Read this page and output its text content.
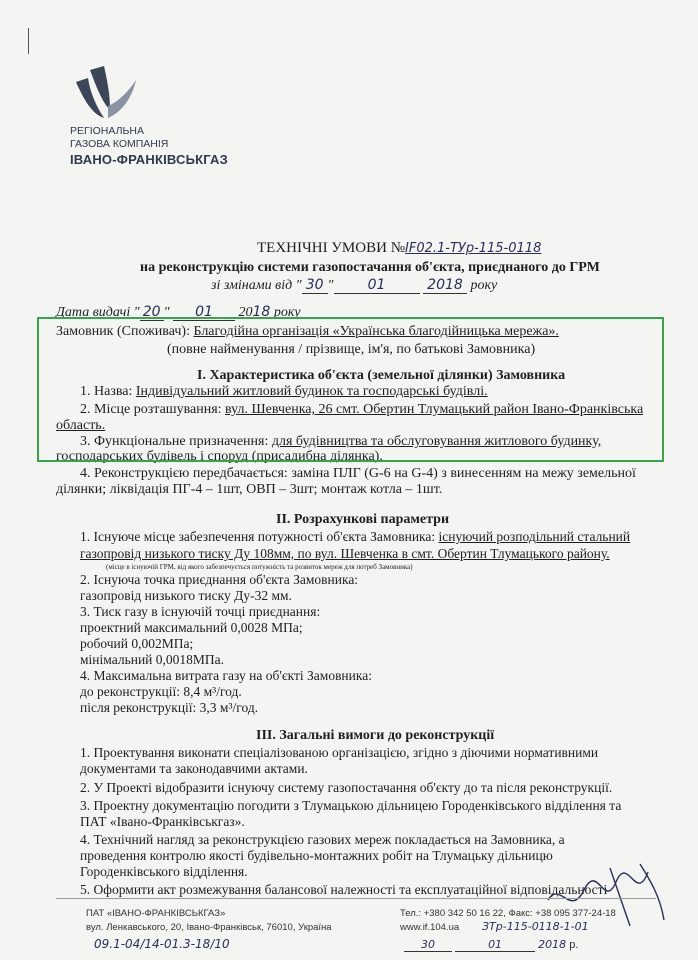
РЕГІОНАЛЬНА
ГАЗОВА КОМПАНІЯ
ІВАНО-ФРАНКІВСЬКГАЗ
ТЕХНІЧНІ УМОВИ №ІF02.1-ТУр-115-0118
на реконструкцію системи газопостачання об'єкта, приєднаного до ГРМ
зі змінами від " 30 " 01	2018 року
Дата видачі " 20 " 01 2018 року
Замовник (Споживач): Благодійна організація «Українська благодійницька мережа».
(повне найменування / прізвище, ім'я, по батькові Замовника)
І. Характеристика об'єкта (земельної ділянки) Замовника
1. Назва: Індивідуальний житловий будинок та господарські будівлі.
2. Місце розташування: вул. Шевченка, 26 смт. Обертин Тлумацький район Івано-Франківська
область.
3. Функціональне призначення: для будівництва та обслуговування житлового будинку,
господарських будівель і споруд (присадибна ділянка).
4. Реконструкцією передбачається: заміна ПЛГ (G-6 на G-4) з винесенням на межу земельної
ділянки; ліквідація ПГ-4 – 1шт, ОВП – 3шт; монтаж котла – 1шт.
ІІ. Розрахункові параметри
1. Існуюче місце забезпечення потужності об'єкта Замовника: існуючий розподільний стальний
газопровід низького тиску Ду 108мм, по вул. Шевченка в смт. Обертин Тлумацького району.
(місце в існуючій ГРМ, від якого забезпечується потужність та розвиток мереж для потреб Замовника)
2. Існуюча точка приєднання об'єкта Замовника:
газопровід низького тиску Ду-32 мм.
3. Тиск газу в існуючій точці приєднання:
проектний максимальний 0,0028 МПа;
робочий 0,002МПа;
мінімальний 0,0018МПа.
4. Максимальна витрата газу на об'єкті Замовника:
до реконструкції: 8,4 м³/год.
після реконструкції: 3,3 м³/год.
ІІІ. Загальні вимоги до реконструкції
1. Проектування виконати спеціалізованою організацією, згідно з діючими нормативними
документами та законодавчими актами.
2. У Проекті відобразити існуючу систему газопостачання об'єкту до та після реконструкції.
3. Проектну документацію погодити з Тлумацькою дільницею Городенківського відділення та
ПАТ «Івано-Франківськгаз».
4. Технічний нагляд за реконструкцією газових мереж покладається на Замовника, а
проведення контролю якості будівельно-монтажних робіт на Тлумацьку дільницю
Городенківського відділення.
5. Оформити акт розмежування балансової належності та експлуатаційної відповідальності
ПАТ «ІВАНО-ФРАНКІВСЬКГАЗ»
вул. Ленкавського, 20, Івано-Франківськ, 76010, Україна
Тел.: +380 342 50 16 22, Факс: +38 095 377-24-18
www.if.104.ua
09.1-04/14-01.3-18/10
ЗТр-115-0118-1-01
30	01	2018 р.
